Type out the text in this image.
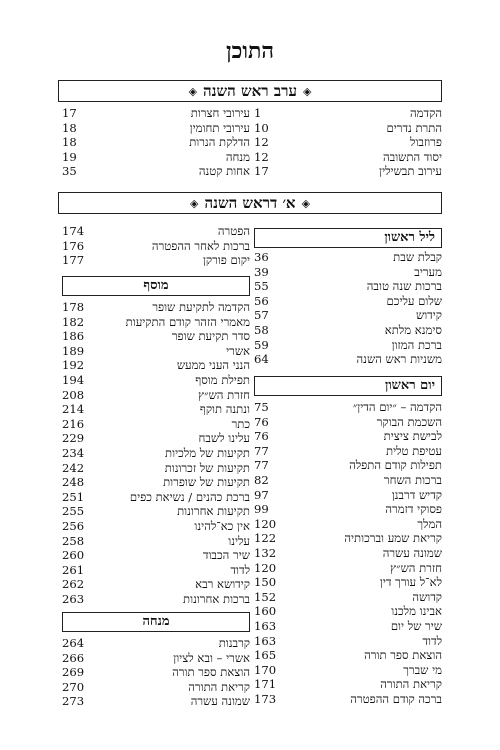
התוכן
◈
ערב ראש השנה
◈
הקדמה
1
התרת נדרים
10
פרוזבול
12
יסוד התשובה
12
עירוב תבשילין
17
עירובי חצרות
17
עירובי תחומין
18
הדלקת הנרות
18
מנחה
19
אחות קטנה
35
◈
א׳ דראש השנה
◈
ליל ראשון
קבלת שבת
36
מעריב
39
ברכות שנה טובה
55
שלום עליכם
56
קידוש
57
סימנא מלתא
58
ברכת המזון
59
משניות ראש השנה
64
יום ראשון
הקדמה – ״יום הדין״
75
השכמת הבוקר
76
לבישת ציצית
76
עטיפת טלית
77
תפילות קודם התפלה
77
ברכות השחר
82
קדיש דרבנן
97
פסוקי דזמרה
99
המלך
120
קריאת שמע וברכותיה
122
שמונה עשרה
132
חזרת הש״ץ
120
לא־ל עורך דין
150
קדושה
152
אבינו מלכנו
160
שיר של יום
163
לדוד
163
הוצאת ספר תורה
165
מי שברך
170
קריאת התורה
171
ברכה קודם ההפטרה
173
הפטרה
174
ברכות לאחר ההפטרה
176
יקום פורקן
177
מוסף
הקדמה לתקיעת שופר
178
מאמרי הזהר קודם התקיעות
182
סדר תקיעת שופר
186
אשרי
189
הנני העני ממעש
192
תפילת מוסף
194
חזרת הש״ץ
208
ונתנה תוקף
214
כתר
216
עלינו לשבח
229
תקיעות של מלכיות
234
תקיעות של זכרונות
242
תקיעות של שופרות
248
ברכת כהנים / נשיאת כפים
251
תקיעות אחרונות
255
אין כא־להינו
256
עלינו
258
שיר הכבוד
260
לדוד
261
קידושא רבא
262
ברכות אחרונות
263
מנחה
קרבנות
264
אשרי – ובא לציון
266
הוצאת ספר תורה
269
קריאת התורה
270
שמונה עשרה
273
